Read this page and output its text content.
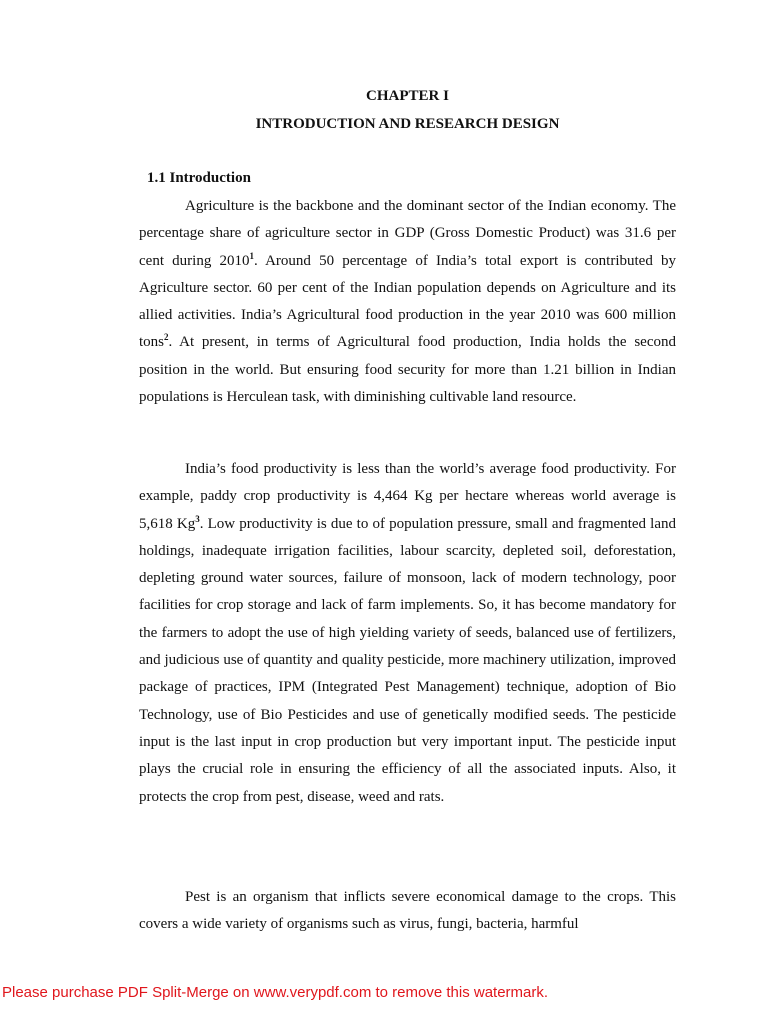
CHAPTER I
INTRODUCTION AND RESEARCH DESIGN
1.1 Introduction

Agriculture is the backbone and the dominant sector of the Indian economy. The percentage share of agriculture sector in GDP (Gross Domestic Product) was 31.6 per cent during 2010$^1$. Around 50 percentage of India’s total export is contributed by Agriculture sector. 60 per cent of the Indian population depends on Agriculture and its allied activities. India’s Agricultural food production in the year 2010 was 600 million tons$^2$. At present, in terms of Agricultural food production, India holds the second position in the world. But ensuring food security for more than 1.21 billion in Indian populations is Herculean task, with diminishing cultivable land resource.

India’s food productivity is less than the world’s average food productivity. For example, paddy crop productivity is 4,464 Kg per hectare whereas world average is 5,618 Kg$^3$. Low productivity is due to of population pressure, small and fragmented land holdings, inadequate irrigation facilities, labour scarcity, depleted soil, deforestation, depleting ground water sources, failure of monsoon, lack of modern technology, poor facilities for crop storage and lack of farm implements. So, it has become mandatory for the farmers to adopt the use of high yielding variety of seeds, balanced use of fertilizers, and judicious use of quantity and quality pesticide, more machinery utilization, improved package of practices, IPM (Integrated Pest Management) technique, adoption of Bio Technology, use of Bio Pesticides and use of genetically modified seeds. The pesticide input is the last input in crop production but very important input. The pesticide input plays the crucial role in ensuring the efficiency of all the associated inputs. Also, it protects the crop from pest, disease, weed and rats.

Pest is an organism that inflicts severe economical damage to the crops. This covers a wide variety of organisms such as virus, fungi, bacteria, harmful

Please purchase PDF Split-Merge on www.verypdf.com to remove this watermark.
